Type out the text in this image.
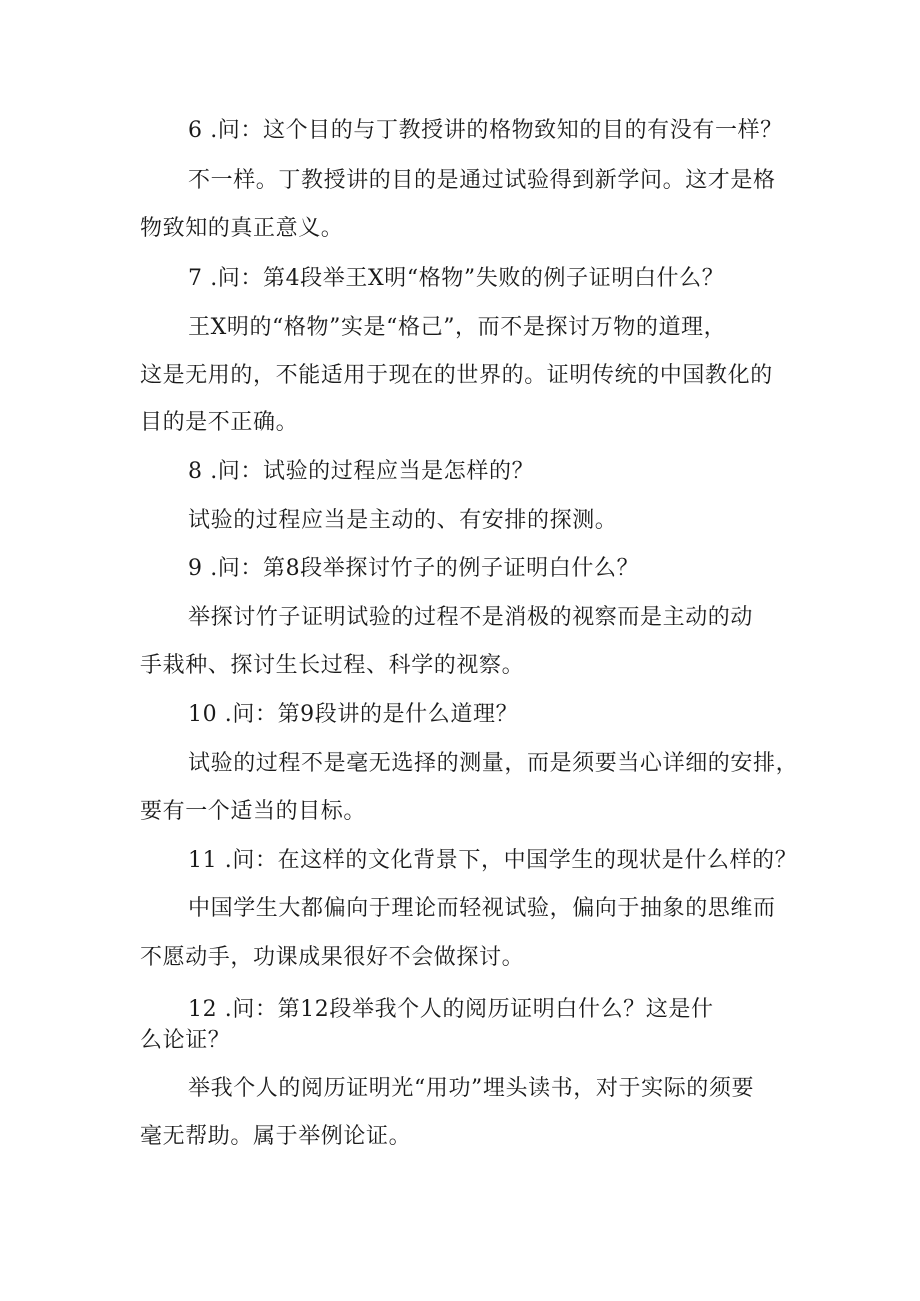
6 .问：这个目的与丁教授讲的格物致知的目的有没有一样？
不一样。丁教授讲的目的是通过试验得到新学问。这才是格
物致知的真正意义。
7 .问：第4段举王X明“格物”失败的例子证明白什么？
王X明的“格物”实是“格己”，而不是探讨万物的道理，
这是无用的，不能适用于现在的世界的。证明传统的中国教化的
目的是不正确。
8 .问：试验的过程应当是怎样的？
试验的过程应当是主动的、有安排的探测。
9 .问：第8段举探讨竹子的例子证明白什么？
举探讨竹子证明试验的过程不是消极的视察而是主动的动
手栽种、探讨生长过程、科学的视察。
10 .问：第9段讲的是什么道理？
试验的过程不是毫无选择的测量，而是须要当心详细的安排，
要有一个适当的目标。
11 .问：在这样的文化背景下，中国学生的现状是什么样的？
中国学生大都偏向于理论而轻视试验，偏向于抽象的思维而
不愿动手，功课成果很好不会做探讨。
12 .问：第12段举我个人的阅历证明白什么？这是什
么论证？
举我个人的阅历证明光“用功”埋头读书，对于实际的须要
毫无帮助。属于举例论证。
